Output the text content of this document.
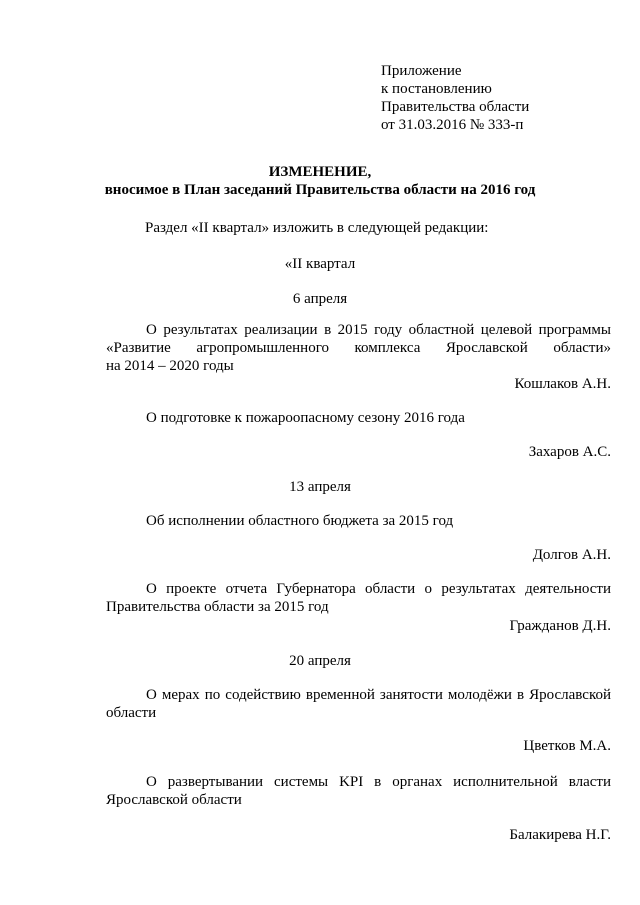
Приложение
к постановлению
Правительства области
от 31.03.2016 № 333-п
ИЗМЕНЕНИЕ,
вносимое в План заседаний Правительства области на 2016 год
Раздел «II квартал» изложить в следующей редакции:
«II квартал
6 апреля
О результатах реализации в 2015 году областной целевой программы
«Развитие агропромышленного комплекса Ярославской области»
на 2014 – 2020 годы
Кошлаков А.Н.
О подготовке к пожароопасному сезону 2016 года
Захаров А.С.
13 апреля
Об исполнении областного бюджета за 2015 год
Долгов А.Н.
О проекте отчета Губернатора области о результатах деятельности
Правительства области за 2015 год
Гражданов Д.Н.
20 апреля
О мерах по содействию временной занятости молодёжи в Ярославской
области
Цветков М.А.
О развертывании системы KPI в органах исполнительной власти
Ярославской области
Балакирева Н.Г.
